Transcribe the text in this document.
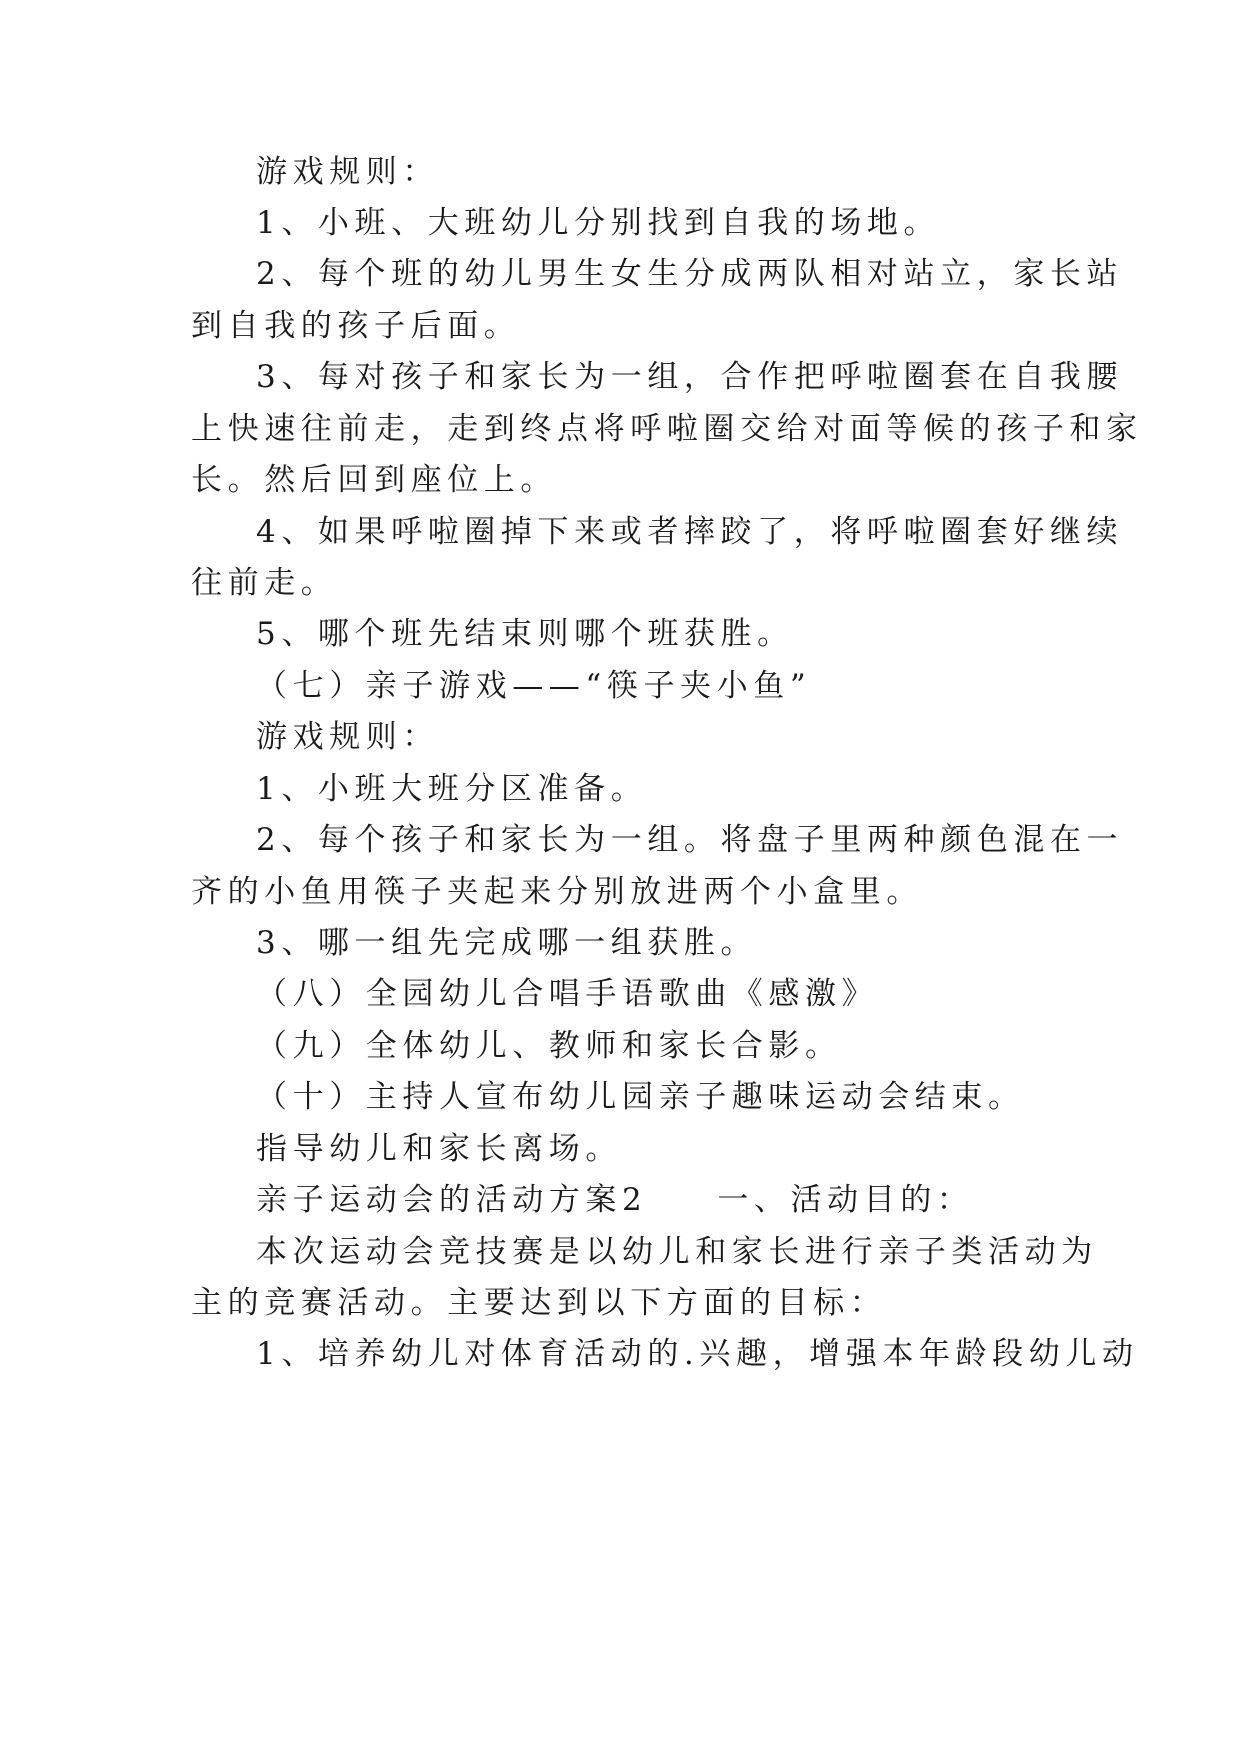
游戏规则：
1、小班、大班幼儿分别找到自我的场地。
2、每个班的幼儿男生女生分成两队相对站立，家长站
到自我的孩子后面。
3、每对孩子和家长为一组，合作把呼啦圈套在自我腰
上快速往前走，走到终点将呼啦圈交给对面等候的孩子和家
长。然后回到座位上。
4、如果呼啦圈掉下来或者摔跤了，将呼啦圈套好继续
往前走。
5、哪个班先结束则哪个班获胜。
（七）亲子游戏——“筷子夹小鱼”
游戏规则：
1、小班大班分区准备。
2、每个孩子和家长为一组。将盘子里两种颜色混在一
齐的小鱼用筷子夹起来分别放进两个小盒里。
3、哪一组先完成哪一组获胜。
（八）全园幼儿合唱手语歌曲《感激》
（九）全体幼儿、教师和家长合影。
（十）主持人宣布幼儿园亲子趣味运动会结束。
指导幼儿和家长离场。
亲子运动会的活动方案2 一、活动目的：
本次运动会竞技赛是以幼儿和家长进行亲子类活动为
主的竞赛活动。主要达到以下方面的目标：
1、培养幼儿对体育活动的.兴趣，增强本年龄段幼儿动
